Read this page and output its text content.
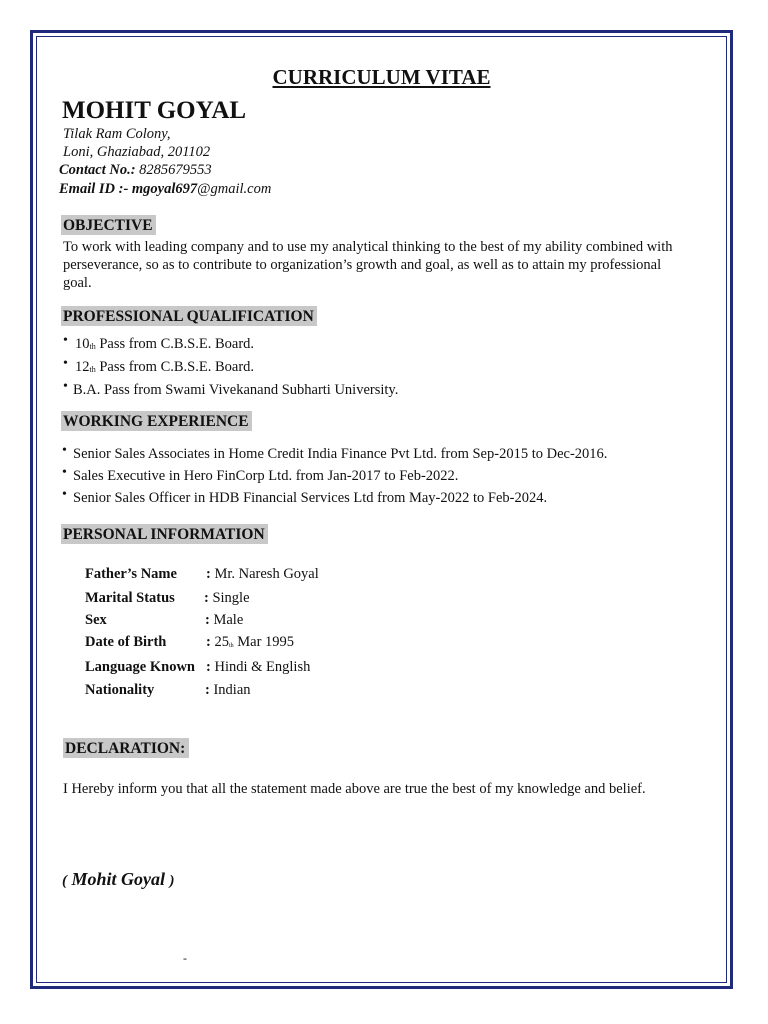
CURRICULUM VITAE
MOHIT GOYAL
Tilak Ram Colony,
Loni, Ghaziabad, 201102
Contact No.: 8285679553
Email ID :- mgoyal697@gmail.com
OBJECTIVE
To work with leading company and to use my analytical thinking to the best of my ability combined with perseverance, so as to contribute to organization’s growth and goal, as well as to attain my professional goal.
PROFESSIONAL QUALIFICATION
• 10th Pass from C.B.S.E. Board.
• 12th Pass from C.B.S.E. Board.
• B.A. Pass from Swami Vivekanand Subharti University.
WORKING EXPERIENCE
• Senior Sales Associates in Home Credit India Finance Pvt Ltd. from Sep-2015 to Dec-2016.
• Sales Executive in Hero FinCorp Ltd. from Jan-2017 to Feb-2022.
• Senior Sales Officer in HDB Financial Services Ltd from May-2022 to Feb-2024.
PERSONAL INFORMATION
Father’s Name : Mr. Naresh Goyal
Marital Status : Single
Sex	: Male
Date of Birth	: 25th Mar 1995
Language Known : Hindi & English
Nationality	: Indian
DECLARATION:
I Hereby inform you that all the statement made above are true the best of my knowledge and belief.
( Mohit Goyal )
-
